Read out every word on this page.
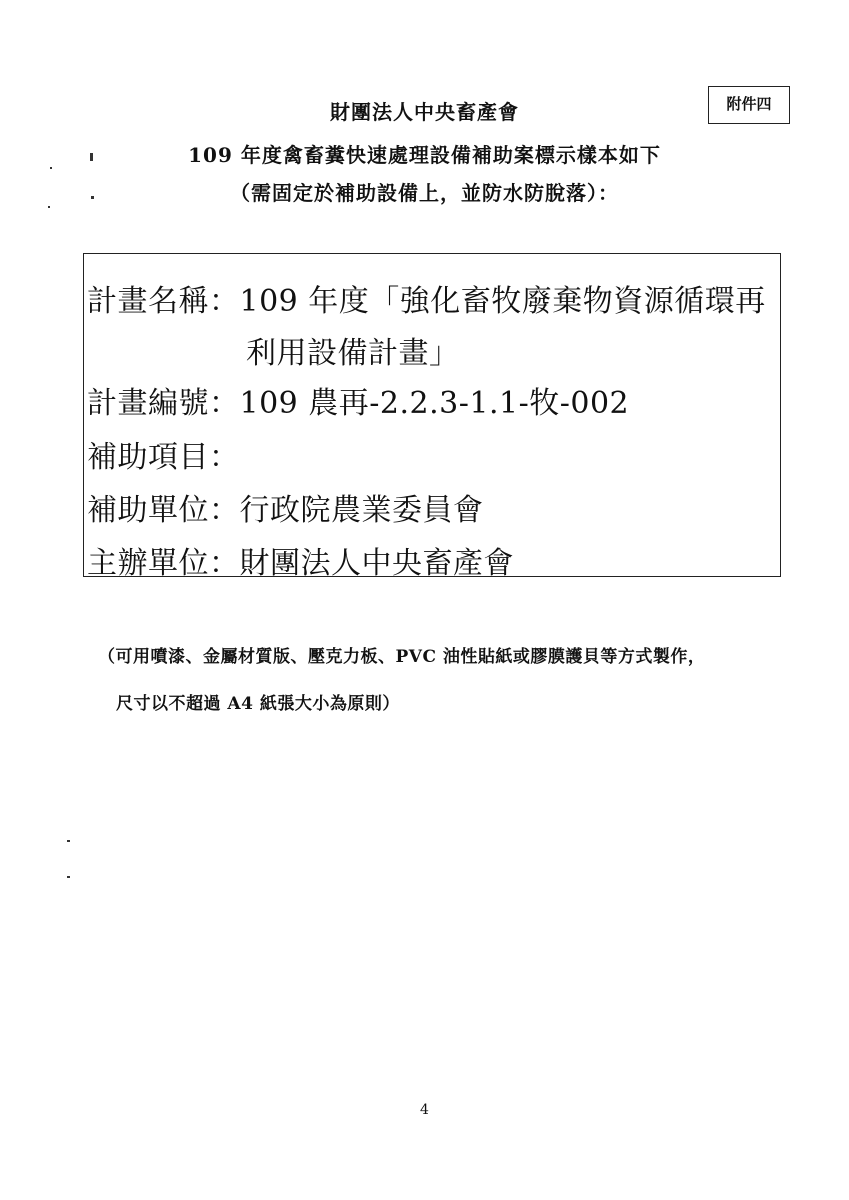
財團法人中央畜產會
109 年度禽畜糞快速處理設備補助案標示樣本如下
（需固定於補助設備上，並防水防脫落）：
附件四
計畫名稱：109 年度「強化畜牧廢棄物資源循環再
利用設備計畫」
計畫編號：109 農再-2.2.3-1.1-牧-002
補助項目：
補助單位：行政院農業委員會
主辦單位：財團法人中央畜產會
（可用噴漆、金屬材質版、壓克力板、PVC 油性貼紙或膠膜護貝等方式製作，
尺寸以不超過 A4 紙張大小為原則）
4
